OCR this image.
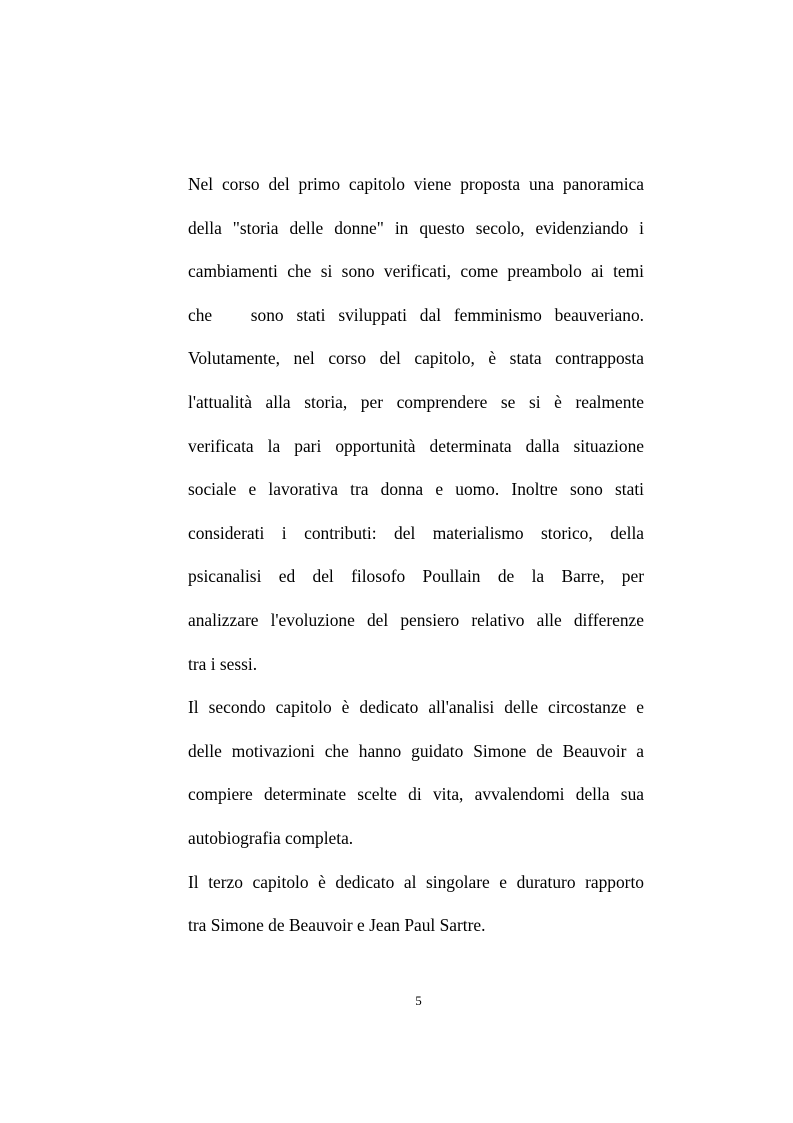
Nel corso del primo capitolo viene proposta una panoramica
della "storia delle donne" in questo secolo, evidenziando i
cambiamenti che si sono verificati, come preambolo ai temi
che   sono stati sviluppati dal femminismo beauveriano.
Volutamente, nel corso del capitolo, è stata contrapposta
l'attualità alla storia, per comprendere se si è realmente
verificata la pari opportunità determinata dalla situazione
sociale e lavorativa tra donna e uomo. Inoltre sono stati
considerati i contributi: del materialismo storico, della
psicanalisi ed del filosofo Poullain de la Barre, per
analizzare l'evoluzione del pensiero relativo alle differenze
tra i sessi.
Il secondo capitolo è dedicato all'analisi delle circostanze e
delle motivazioni che hanno guidato Simone de Beauvoir a
compiere determinate scelte di vita, avvalendomi della sua
autobiografia completa.
Il terzo capitolo è dedicato al singolare e duraturo rapporto
tra Simone de Beauvoir e Jean Paul Sartre.
5
